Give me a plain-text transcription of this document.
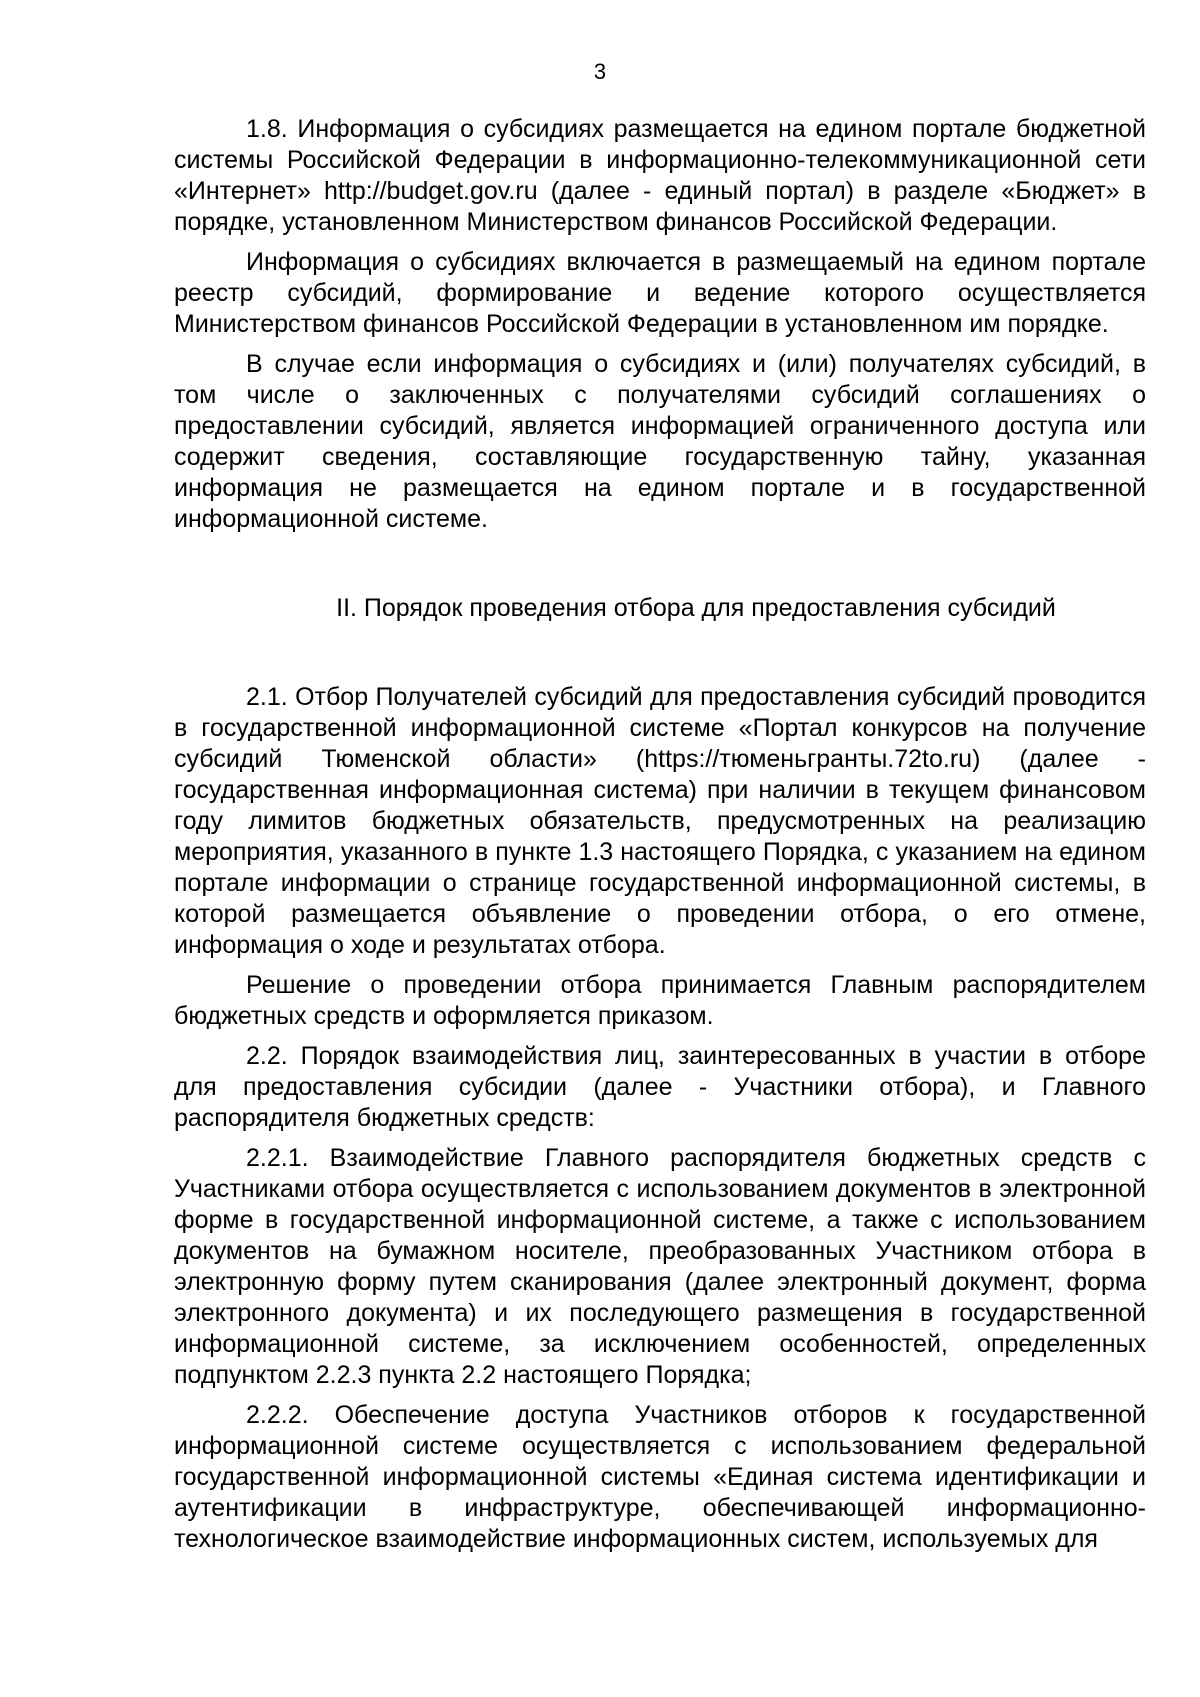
3

1.8. Информация о субсидиях размещается на едином портале бюджетной системы Российской Федерации в информационно-телекоммуникационной сети «Интернет» http://budget.gov.ru (далее - единый портал) в разделе «Бюджет» в порядке, установленном Министерством финансов Российской Федерации.

Информация о субсидиях включается в размещаемый на едином портале реестр субсидий, формирование и ведение которого осуществляется Министерством финансов Российской Федерации в установленном им порядке.

В случае если информация о субсидиях и (или) получателях субсидий, в том числе о заключенных с получателями субсидий соглашениях о предоставлении субсидий, является информацией ограниченного доступа или содержит сведения, составляющие государственную тайну, указанная информация не размещается на едином портале и в государственной информационной системе.

II. Порядок проведения отбора для предоставления субсидий

2.1. Отбор Получателей субсидий для предоставления субсидий проводится в государственной информационной системе «Портал конкурсов на получение субсидий Тюменской области» (https://тюменьгранты.72to.ru) (далее - государственная информационная система) при наличии в текущем финансовом году лимитов бюджетных обязательств, предусмотренных на реализацию мероприятия, указанного в пункте 1.3 настоящего Порядка, с указанием на едином портале информации о странице государственной информационной системы, в которой размещается объявление о проведении отбора, о его отмене, информация о ходе и результатах отбора.

Решение о проведении отбора принимается Главным распорядителем бюджетных средств и оформляется приказом.

2.2. Порядок взаимодействия лиц, заинтересованных в участии в отборе для предоставления субсидии (далее - Участники отбора), и Главного распорядителя бюджетных средств:

2.2.1. Взаимодействие Главного распорядителя бюджетных средств с Участниками отбора осуществляется с использованием документов в электронной форме в государственной информационной системе, а также с использованием документов на бумажном носителе, преобразованных Участником отбора в электронную форму путем сканирования (далее электронный документ, форма электронного документа) и их последующего размещения в государственной информационной системе, за исключением особенностей, определенных подпунктом 2.2.3 пункта 2.2 настоящего Порядка;

2.2.2. Обеспечение доступа Участников отборов к государственной информационной системе осуществляется с использованием федеральной государственной информационной системы «Единая система идентификации и аутентификации в инфраструктуре, обеспечивающей информационно-технологическое взаимодействие информационных систем, используемых для
